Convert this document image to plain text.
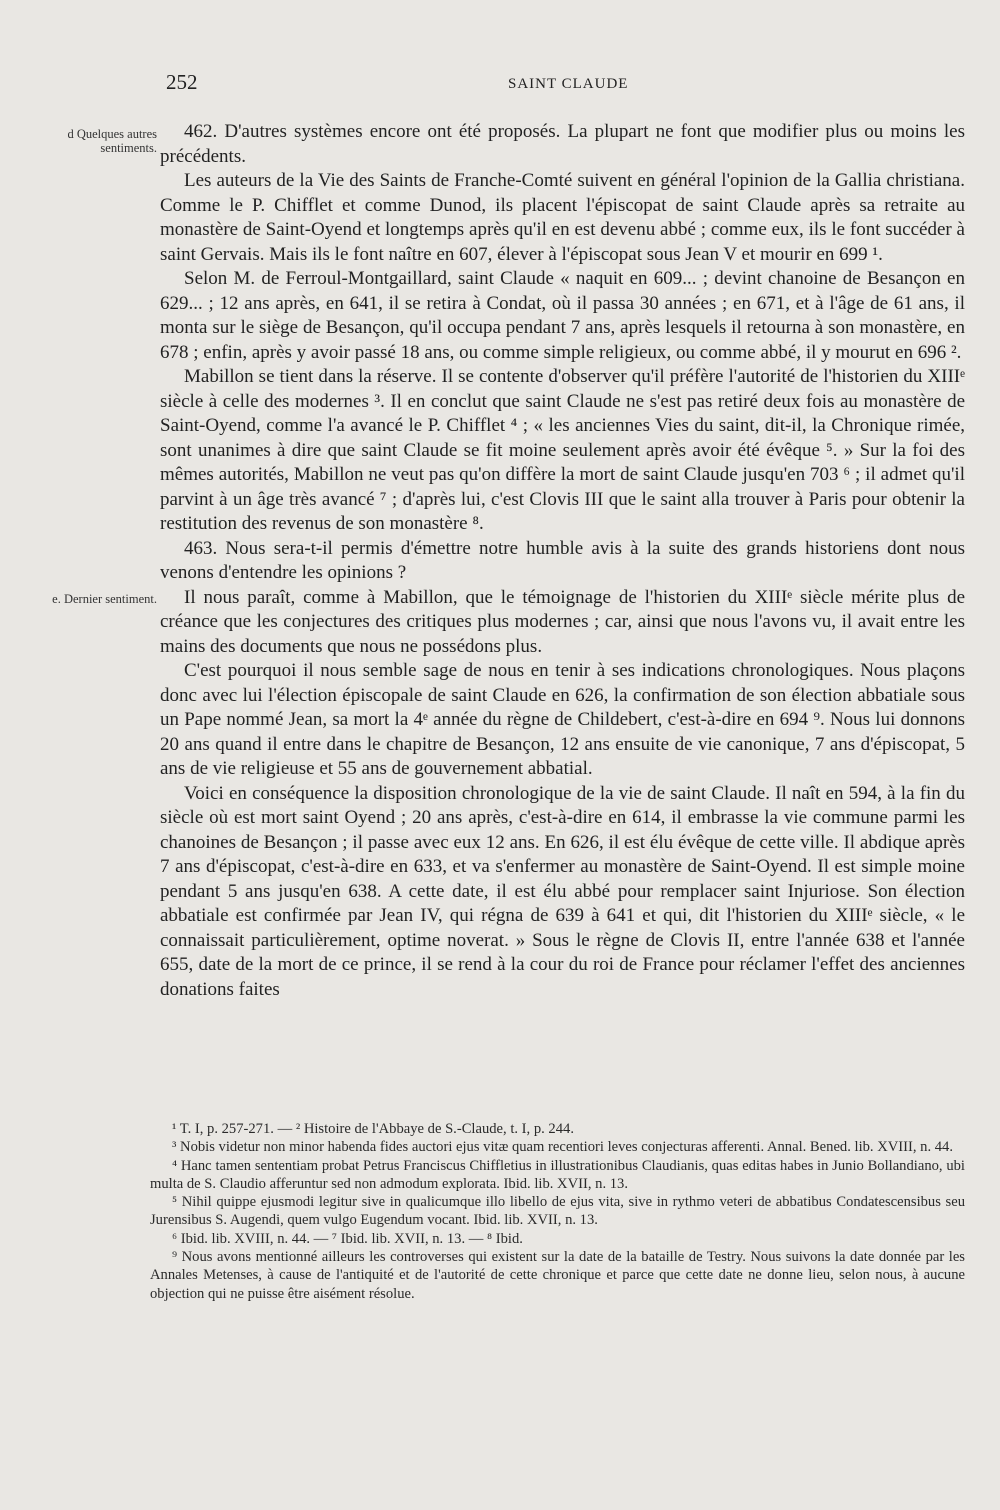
252	SAINT CLAUDE
d Quelques autres sentiments.
e. Dernier sentiment.

462. D'autres systèmes encore ont été proposés. La plupart ne font que modifier plus ou moins les précédents.

Les auteurs de la Vie des Saints de Franche-Comté suivent en général l'opinion de la Gallia christiana. Comme le P. Chifflet et comme Dunod, ils placent l'épiscopat de saint Claude après sa retraite au monastère de Saint-Oyend et longtemps après qu'il en est devenu abbé ; comme eux, ils le font succéder à saint Gervais. Mais ils le font naître en 607, élever à l'épiscopat sous Jean V et mourir en 699 ¹.

Selon M. de Ferroul-Montgaillard, saint Claude « naquit en 609... ; devint chanoine de Besançon en 629... ; 12 ans après, en 641, il se retira à Condat, où il passa 30 années ; en 671, et à l'âge de 61 ans, il monta sur le siège de Besançon, qu'il occupa pendant 7 ans, après lesquels il retourna à son monastère, en 678 ; enfin, après y avoir passé 18 ans, ou comme simple religieux, ou comme abbé, il y mourut en 696 ².

Mabillon se tient dans la réserve. Il se contente d'observer qu'il préfère l'autorité de l'historien du XIIIᵉ siècle à celle des modernes ³. Il en conclut que saint Claude ne s'est pas retiré deux fois au monastère de Saint-Oyend, comme l'a avancé le P. Chifflet ⁴ ; « les anciennes Vies du saint, dit-il, la Chronique rimée, sont unanimes à dire que saint Claude se fit moine seulement après avoir été évêque ⁵. » Sur la foi des mêmes autorités, Mabillon ne veut pas qu'on diffère la mort de saint Claude jusqu'en 703 ⁶ ; il admet qu'il parvint à un âge très avancé ⁷ ; d'après lui, c'est Clovis III que le saint alla trouver à Paris pour obtenir la restitution des revenus de son monastère ⁸.

463. Nous sera-t-il permis d'émettre notre humble avis à la suite des grands historiens dont nous venons d'entendre les opinions ?

Il nous paraît, comme à Mabillon, que le témoignage de l'historien du XIIIᵉ siècle mérite plus de créance que les conjectures des critiques plus modernes ; car, ainsi que nous l'avons vu, il avait entre les mains des documents que nous ne possédons plus.

C'est pourquoi il nous semble sage de nous en tenir à ses indications chronologiques. Nous plaçons donc avec lui l'élection épiscopale de saint Claude en 626, la confirmation de son élection abbatiale sous un Pape nommé Jean, sa mort la 4ᵉ année du règne de Childebert, c'est-à-dire en 694 ⁹. Nous lui donnons 20 ans quand il entre dans le chapitre de Besançon, 12 ans ensuite de vie canonique, 7 ans d'épiscopat, 5 ans de vie religieuse et 55 ans de gouvernement abbatial.

Voici en conséquence la disposition chronologique de la vie de saint Claude. Il naît en 594, à la fin du siècle où est mort saint Oyend ; 20 ans après, c'est-à-dire en 614, il embrasse la vie commune parmi les chanoines de Besançon ; il passe avec eux 12 ans. En 626, il est élu évêque de cette ville. Il abdique après 7 ans d'épiscopat, c'est-à-dire en 633, et va s'enfermer au monastère de Saint-Oyend. Il est simple moine pendant 5 ans jusqu'en 638. A cette date, il est élu abbé pour remplacer saint Injuriose. Son élection abbatiale est confirmée par Jean IV, qui régna de 639 à 641 et qui, dit l'historien du XIIIᵉ siècle, « le connaissait particulièrement, optime noverat. » Sous le règne de Clovis II, entre l'année 638 et l'année 655, date de la mort de ce prince, il se rend à la cour du roi de France pour réclamer l'effet des anciennes donations faites

¹ T. I, p. 257-271. — ² Histoire de l'Abbaye de S.-Claude, t. I, p. 244.

³ Nobis videtur non minor habenda fides auctori ejus vitæ quam recentiori leves conjecturas afferenti. Annal. Bened. lib. XVIII, n. 44.

⁴ Hanc tamen sententiam probat Petrus Franciscus Chiffletius in illustrationibus Claudianis, quas editas habes in Junio Bollandiano, ubi multa de S. Claudio afferuntur sed non admodum explorata. Ibid. lib. XVII, n. 13.

⁵ Nihil quippe ejusmodi legitur sive in qualicumque illo libello de ejus vita, sive in rythmo veteri de abbatibus Condatescensibus seu Jurensibus S. Augendi, quem vulgo Eugendum vocant. Ibid. lib. XVII, n. 13.

⁶ Ibid. lib. XVIII, n. 44. — ⁷ Ibid. lib. XVII, n. 13. — ⁸ Ibid.

⁹ Nous avons mentionné ailleurs les controverses qui existent sur la date de la bataille de Testry. Nous suivons la date donnée par les Annales Metenses, à cause de l'antiquité et de l'autorité de cette chronique et parce que cette date ne donne lieu, selon nous, à aucune objection qui ne puisse être aisément résolue.
